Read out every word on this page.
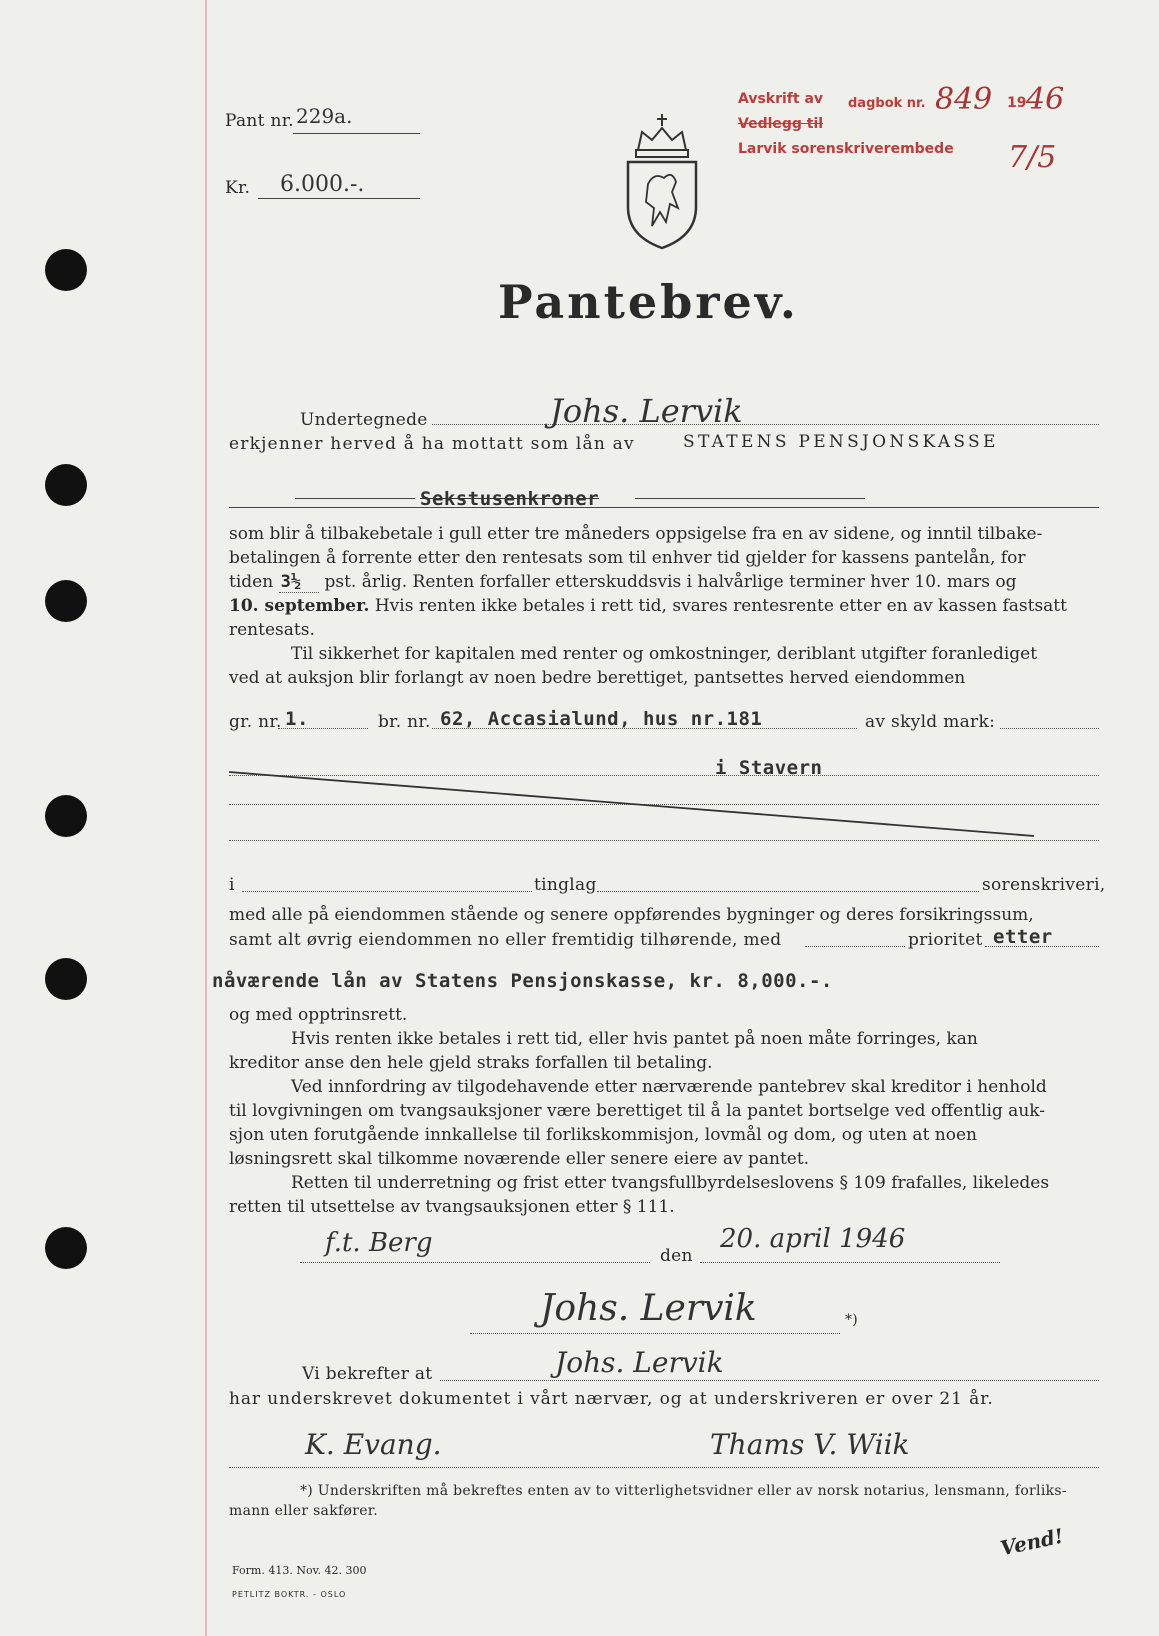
Pant nr. 229a.
Kr. 6.000.-.
Avskrift av dagbok nr. 849 19 46
Vedlegg til
Larvik sorenskriverembede 7/5
Pantebrev.
Undertegnede	Johs. Lervik
erkjenner herved å ha mottatt som lån av	STATENS PENSJONSKASSE
Sekstusenkroner

som blir å tilbakebetale i gull etter tre måneders oppsigelse fra en av sidene, og inntil tilbake-

betalingen å forrente etter den rentesats som til enhver tid gjelder for kassens pantelån, for

tiden 3½ pst. årlig. Renten forfaller etterskuddsvis i halvårlige terminer hver 10. mars og

10. september. Hvis renten ikke betales i rett tid, svares rentesrente etter en av kassen fastsatt

rentesats.

Til sikkerhet for kapitalen med renter og omkostninger, deriblant utgifter foranlediget

ved at auksjon blir forlangt av noen bedre berettiget, pantsettes herved eiendommen

gr. nr. 1.	br. nr. 62, Accasialund, hus nr.181	av skyld mark:
i Stavern
i	tinglag	sorenskriveri,

med alle på eiendommen stående og senere oppførendes bygninger og deres forsikringssum,

samt alt øvrig eiendommen no eller fremtidig tilhørende, med	prioritet etter
nåværende lån av Statens Pensjonskasse, kr. 8,000.-.

og med opptrinsrett.

Hvis renten ikke betales i rett tid, eller hvis pantet på noen måte forringes, kan

kreditor anse den hele gjeld straks forfallen til betaling.

Ved innfordring av tilgodehavende etter nærværende pantebrev skal kreditor i henhold

til lovgivningen om tvangsauksjoner være berettiget til å la pantet bortselge ved offentlig auk-

sjon uten forutgående innkallelse til forlikskommisjon, lovmål og dom, og uten at noen

løsningsrett skal tilkomme noværende eller senere eiere av pantet.

Retten til underretning og frist etter tvangsfullbyrdelseslovens § 109 frafalles, likeledes

retten til utsettelse av tvangsauksjonen etter § 111.

f.t. Berg	den
20. april 1946
Johs. Lervik	*)
Vi bekrefter at	Johs. Lervik
har underskrevet dokumentet i vårt nærvær, og at underskriveren er over 21 år.
K. Evang.	Thams V. Wiik
*) Underskriften må bekreftes enten av to vitterlighetsvidner eller av norsk notarius, lensmann, forliks-
mann eller sakfører.
Vend!
Form. 413. Nov. 42. 300
PETLITZ BOKTR. - OSLO
